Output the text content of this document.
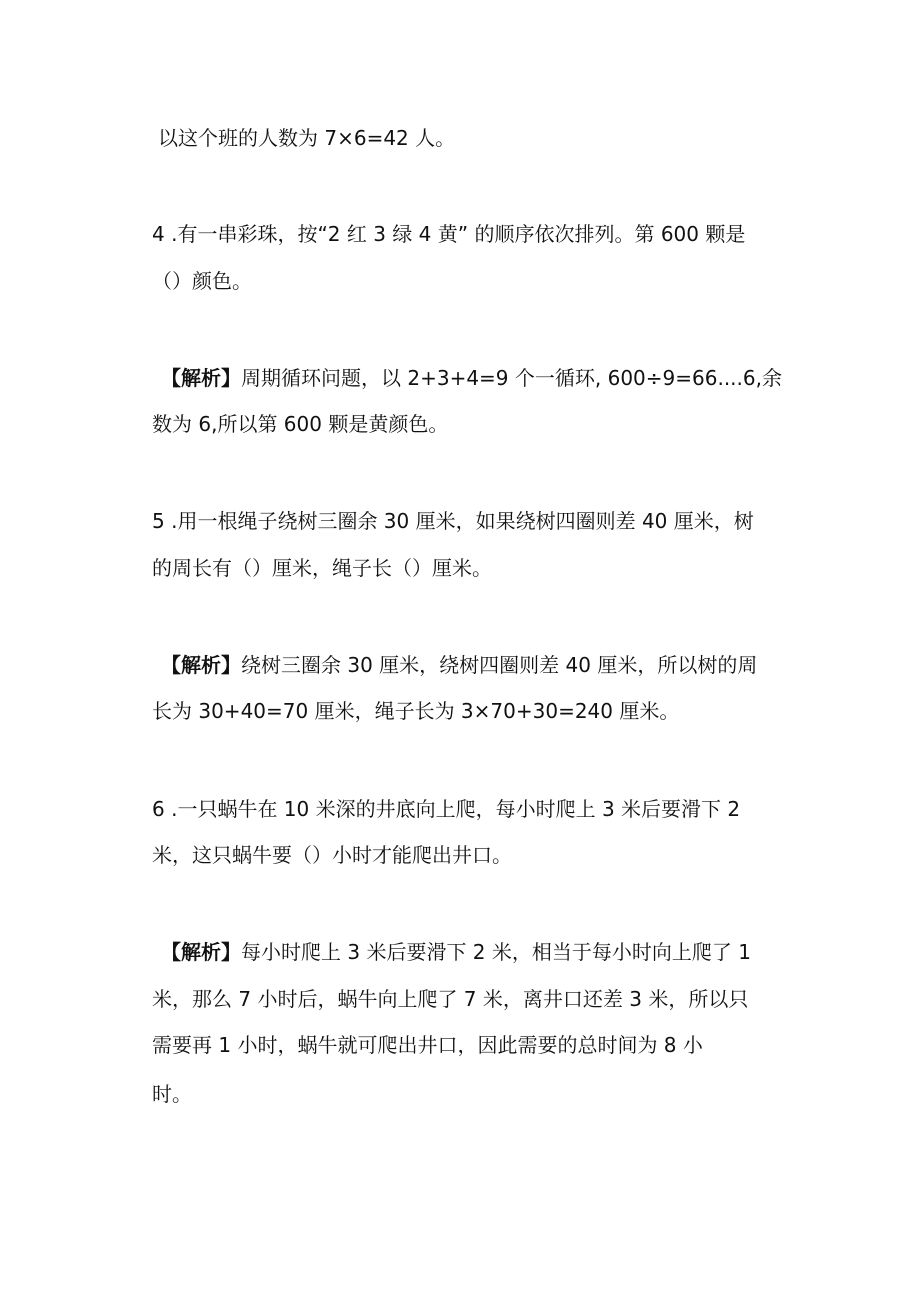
以这个班的人数为 7×6=42 人。
4 .有一串彩珠，按“2 红 3 绿 4 黄” 的顺序依次排列。第 600 颗是
（）颜色。
【解析】周期循环问题，以 2+3+4=9 个一循环, 600÷9=66....6,余
数为 6,所以第 600 颗是黄颜色。
5 .用一根绳子绕树三圈余 30 厘米，如果绕树四圈则差 40 厘米，树
的周长有（）厘米，绳子长（）厘米。
【解析】绕树三圈余 30 厘米，绕树四圈则差 40 厘米，所以树的周
长为 30+40=70 厘米，绳子长为 3×70+30=240 厘米。
6 .一只蜗牛在 10 米深的井底向上爬，每小时爬上 3 米后要滑下 2
米，这只蜗牛要（）小时才能爬出井口。
【解析】每小时爬上 3 米后要滑下 2 米，相当于每小时向上爬了 1
米，那么 7 小时后，蜗牛向上爬了 7 米，离井口还差 3 米，所以只
需要再 1 小时，蜗牛就可爬出井口，因此需要的总时间为 8 小
时。
